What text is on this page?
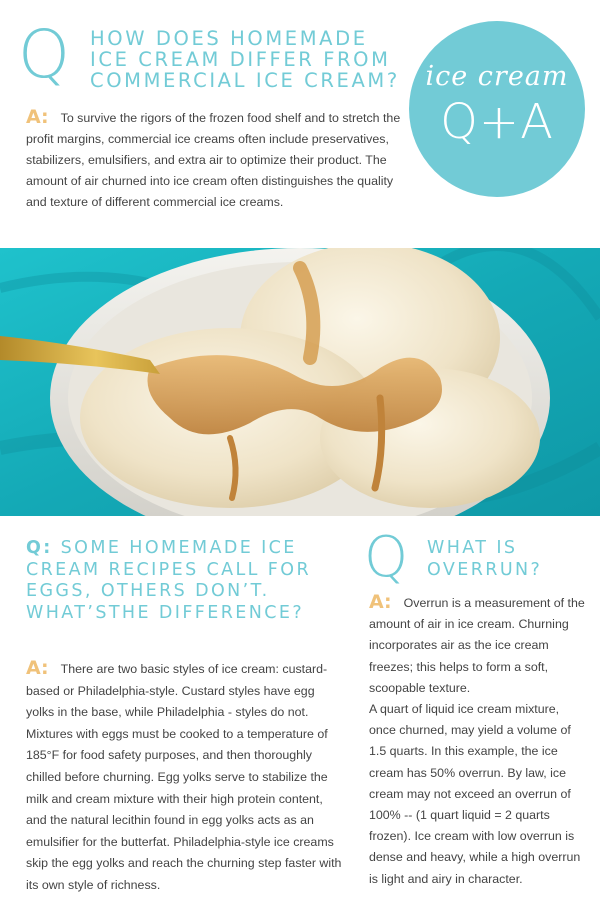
Q HOW DOES HOMEMADE ICE CREAM DIFFER FROM COMMERCIAL ICE CREAM?

A: To survive the rigors of the frozen food shelf and to stretch the profit margins, commercial ice creams often include preservatives, stabilizers, emulsifiers, and extra air to optimize their product. The amount of air churned into ice cream often distinguishes the quality and texture of different commercial ice creams.

ice cream
Q+A
Q: SOME HOMEMADE ICE CREAM RECIPES CALL FOR EGGS, OTHERS DON’T. WHAT’STHE DIFFERENCE?

A: There are two basic styles of ice cream: custard-based or Philadelphia-style. Custard styles have egg yolks in the base, while Philadelphia - styles do not. Mixtures with eggs must be cooked to a temperature of 185°F for food safety purposes, and then thoroughly chilled before churning. Egg yolks serve to stabilize the milk and cream mixture with their high protein content, and the natural lecithin found in egg yolks acts as an emulsifier for the butterfat. Philadelphia-style ice creams skip the egg yolks and reach the churning step faster with its own style of richness.

Q WHAT IS OVERRUN?

A: Overrun is a measurement of the amount of air in ice cream. Churning incorporates air as the ice cream freezes; this helps to form a soft, scoopable texture.
A quart of liquid ice cream mixture, once churned, may yield a volume of 1.5 quarts. In this example, the ice cream has 50% overrun. By law, ice cream may not exceed an overrun of 100% -- (1 quart liquid = 2 quarts frozen). Ice cream with low overrun is dense and heavy, while a high overrun is light and airy in character.
